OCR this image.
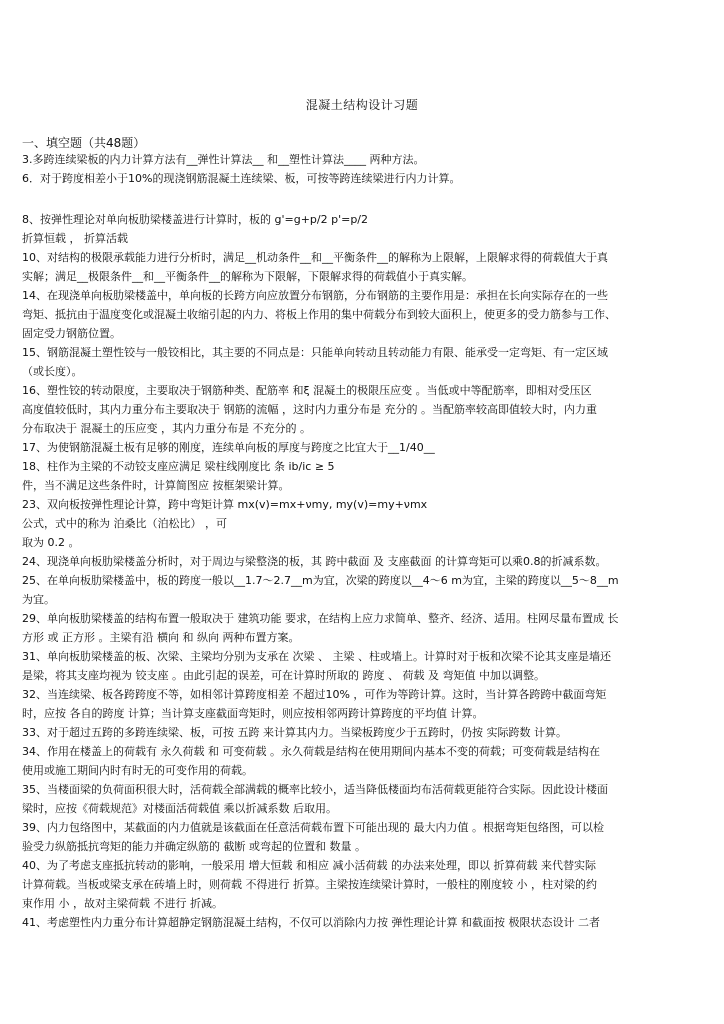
混凝土结构设计习题
一、填空题（共48题）
3.多跨连续梁板的内力计算方法有__弹性计算法__ 和__塑性计算法____ 两种方法。
6．对于跨度相差小于10%的现浇钢筋混凝土连续梁、板，可按等跨连续梁进行内力计算。
8、按弹性理论对单向板肋梁楼盖进行计算时，板的 g'=g+p/2 p'=p/2
折算恒载 ， 折算活载
10、对结构的极限承载能力进行分析时，满足__机动条件__和__平衡条件__的解称为上限解，上限解求得的荷载值大于真
实解；满足__极限条件__和__平衡条件__的解称为下限解，下限解求得的荷载值小于真实解。
14、在现浇单向板肋梁楼盖中，单向板的长跨方向应放置分布钢筋，分布钢筋的主要作用是：承担在长向实际存在的一些
弯矩、抵抗由于温度变化或混凝土收缩引起的内力、将板上作用的集中荷载分布到较大面积上，使更多的受力筋参与工作、
固定受力钢筋位置。
15、钢筋混凝土塑性铰与一般铰相比，其主要的不同点是：只能单向转动且转动能力有限、能承受一定弯矩、有一定区域
（或长度）。
16、塑性铰的转动限度，主要取决于钢筋种类、配筋率 和ξ 混凝土的极限压应变 。当低或中等配筋率，即相对受压区
高度值较低时，其内力重分布主要取决于 钢筋的流幅 ，这时内力重分布是 充分的 。当配筋率较高即值较大时，内力重
分布取决于 混凝土的压应变 ，其内力重分布是 不充分的 。
17、为使钢筋混凝土板有足够的刚度，连续单向板的厚度与跨度之比宜大于__1/40__
18、柱作为主梁的不动铰支座应满足 梁柱线刚度比 条 ib/ic ≥ 5
件，当不满足这些条件时，计算简图应 按框架梁计算。
23、双向板按弹性理论计算，跨中弯矩计算 mx(v)=mx+νmy, my(v)=my+νmx
公式，式中的称为 泊桑比（泊松比） ，可
取为 0.2 。
24、现浇单向板肋梁楼盖分析时，对于周边与梁整浇的板，其 跨中截面 及 支座截面 的计算弯矩可以乘0.8的折减系数。
25、在单向板肋梁楼盖中，板的跨度一般以__1.7～2.7__m为宜，次梁的跨度以__4～6 m为宜，主梁的跨度以__5～8__m
为宜。
29、单向板肋梁楼盖的结构布置一般取决于 建筑功能 要求，在结构上应力求简单、整齐、经济、适用。柱网尽量布置成 长
方形 或 正方形 。主梁有沿 横向 和 纵向 两种布置方案。
31、单向板肋梁楼盖的板、次梁、主梁均分别为支承在 次梁 、 主梁 、柱或墙上。计算时对于板和次梁不论其支座是墙还
是梁，将其支座均视为 铰支座 。由此引起的误差，可在计算时所取的 跨度 、 荷载 及 弯矩值 中加以调整。
32、当连续梁、板各跨跨度不等，如相邻计算跨度相差 不超过10% ，可作为等跨计算。这时，当计算各跨跨中截面弯矩
时，应按 各自的跨度 计算；当计算支座截面弯矩时，则应按相邻两跨计算跨度的平均值 计算。
33、对于超过五跨的多跨连续梁、板，可按 五跨 来计算其内力。当梁板跨度少于五跨时，仍按 实际跨数 计算。
34、作用在楼盖上的荷载有 永久荷载 和 可变荷载 。永久荷载是结构在使用期间内基本不变的荷载；可变荷载是结构在
使用或施工期间内时有时无的可变作用的荷载。
35、当楼面梁的负荷面积很大时，活荷载全部满载的概率比较小，适当降低楼面均布活荷载更能符合实际。因此设计楼面
梁时，应按《荷载规范》对楼面活荷载值 乘以折减系数 后取用。
39、内力包络图中，某截面的内力值就是该截面在任意活荷载布置下可能出现的 最大内力值 。根据弯矩包络图，可以检
验受力纵筋抵抗弯矩的能力并确定纵筋的 截断 或弯起的位置和 数量 。
40、为了考虑支座抵抗转动的影响，一般采用 增大恒载 和相应 减小活荷载 的办法来处理，即以 折算荷载 来代替实际
计算荷载。当板或梁支承在砖墙上时，则荷载 不得进行 折算。主梁按连续梁计算时，一般柱的刚度较 小 ，柱对梁的约
束作用 小 ，故对主梁荷载 不进行 折减。
41、考虑塑性内力重分布计算超静定钢筋混凝土结构，不仅可以消除内力按 弹性理论计算 和截面按 极限状态设计 二者
